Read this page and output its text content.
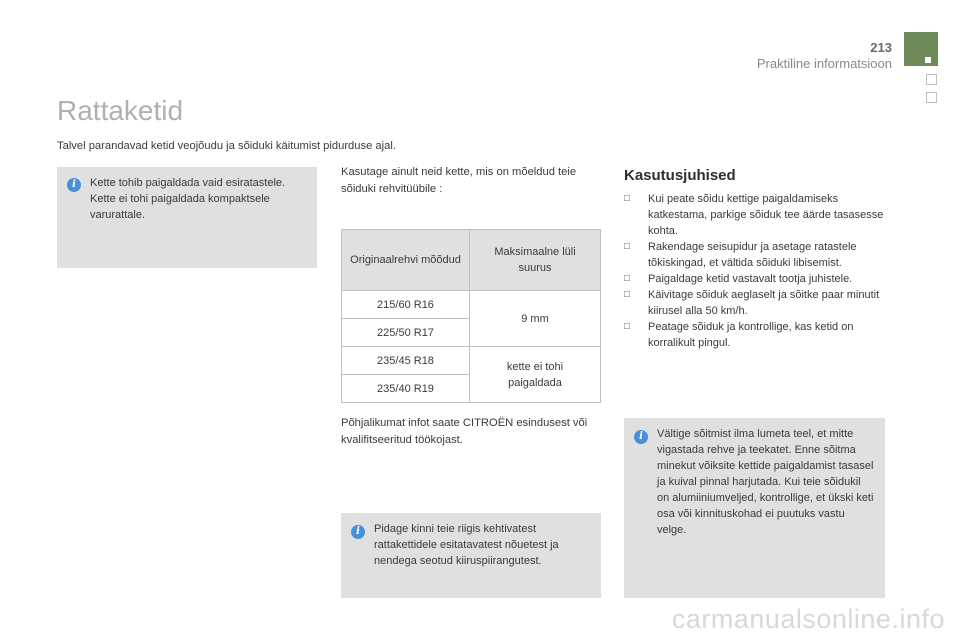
213
Praktiline informatsioon
Rattaketid

Talvel parandavad ketid veojõudu ja sõiduki käitumist pidurduse ajal.

i	Kette tohib paigaldada vaid esiratastele. Kette ei tohi paigaldada kompaktsele varurattale.

Kasutage ainult neid kette, mis on mõeldud teie sõiduki rehvitüübile :

Originaalrehvi mõõdud	Maksimaalne lüli suurus
215/60 R16	9 mm
225/50 R17	
235/45 R18	kette ei tohi paigaldada
235/40 R19	

Põhjalikumat infot saate CITROËN esindusest või kvalifitseeritud töökojast.

i	Pidage kinni teie riigis kehtivatest rattakettidele esitatavatest nõuetest ja nendega seotud kiiruspiirangutest.

Kasutusjuhised
□ Kui peate sõidu kettige paigaldamiseks katkestama, parkige sõiduk tee äärde tasasesse kohta.
□ Rakendage seisupidur ja asetage ratastele tõkiskingad, et vältida sõiduki libisemist.
□ Paigaldage ketid vastavalt tootja juhistele.
□ Käivitage sõiduk aeglaselt ja sõitke paar minutit kiirusel alla 50 km/h.
□ Peatage sõiduk ja kontrollige, kas ketid on korralikult pingul.
i	Vältige sõitmist ilma lumeta teel, et mitte vigastada rehve ja teekatet. Enne sõitma minekut võiksite kettide paigaldamist tasasel ja kuival pinnal harjutada. Kui teie sõidukil on alumiiniumveljed, kontrollige, et ükski keti osa või kinnituskohad ei puutuks vastu velge.

carmanualsonline.info
